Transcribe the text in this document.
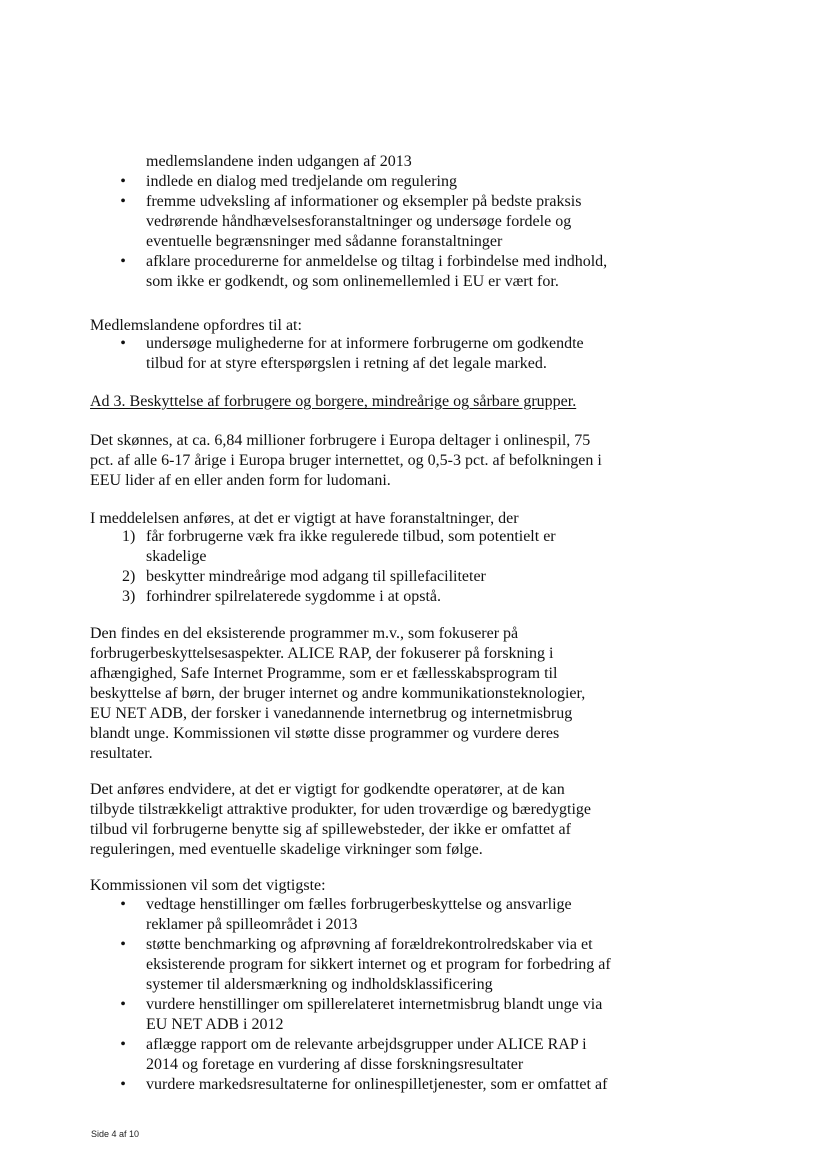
medlemslandene inden udgangen af 2013
• indlede en dialog med tredjelande om regulering
• fremme udveksling af informationer og eksempler på bedste praksis
vedrørende håndhævelsesforanstaltninger og undersøge fordele og
eventuelle begrænsninger med sådanne foranstaltninger
• afklare procedurerne for anmeldelse og tiltag i forbindelse med indhold,
som ikke er godkendt, og som onlinemellemled i EU er vært for.
Medlemslandene opfordres til at:
• undersøge mulighederne for at informere forbrugerne om godkendte
tilbud for at styre efterspørgslen i retning af det legale marked.
Ad 3. Beskyttelse af forbrugere og borgere, mindreårige og sårbare grupper.
Det skønnes, at ca. 6,84 millioner forbrugere i Europa deltager i onlinespil, 75
pct. af alle 6-17 årige i Europa bruger internettet, og 0,5-3 pct. af befolkningen i
EEU lider af en eller anden form for ludomani.
I meddelelsen anføres, at det er vigtigt at have foranstaltninger, der
1) får forbrugerne væk fra ikke regulerede tilbud, som potentielt er
skadelige
2) beskytter mindreårige mod adgang til spillefaciliteter
3) forhindrer spilrelaterede sygdomme i at opstå.
Den findes en del eksisterende programmer m.v., som fokuserer på
forbrugerbeskyttelsesaspekter. ALICE RAP, der fokuserer på forskning i
afhængighed, Safe Internet Programme, som er et fællesskabsprogram til
beskyttelse af børn, der bruger internet og andre kommunikationsteknologier,
EU NET ADB, der forsker i vanedannende internetbrug og internetmisbrug
blandt unge. Kommissionen vil støtte disse programmer og vurdere deres
resultater.
Det anføres endvidere, at det er vigtigt for godkendte operatører, at de kan
tilbyde tilstrækkeligt attraktive produkter, for uden troværdige og bæredygtige
tilbud vil forbrugerne benytte sig af spillewebsteder, der ikke er omfattet af
reguleringen, med eventuelle skadelige virkninger som følge.
Kommissionen vil som det vigtigste:
• vedtage henstillinger om fælles forbrugerbeskyttelse og ansvarlige
reklamer på spilleområdet i 2013
• støtte benchmarking og afprøvning af forældrekontrolredskaber via et
eksisterende program for sikkert internet og et program for forbedring af
systemer til aldersmærkning og indholdsklassificering
• vurdere henstillinger om spillerelateret internetmisbrug blandt unge via
EU NET ADB i 2012
• aflægge rapport om de relevante arbejdsgrupper under ALICE RAP i
2014 og foretage en vurdering af disse forskningsresultater
• vurdere markedsresultaterne for onlinespilletjenester, som er omfattet af
Side 4 af 10
